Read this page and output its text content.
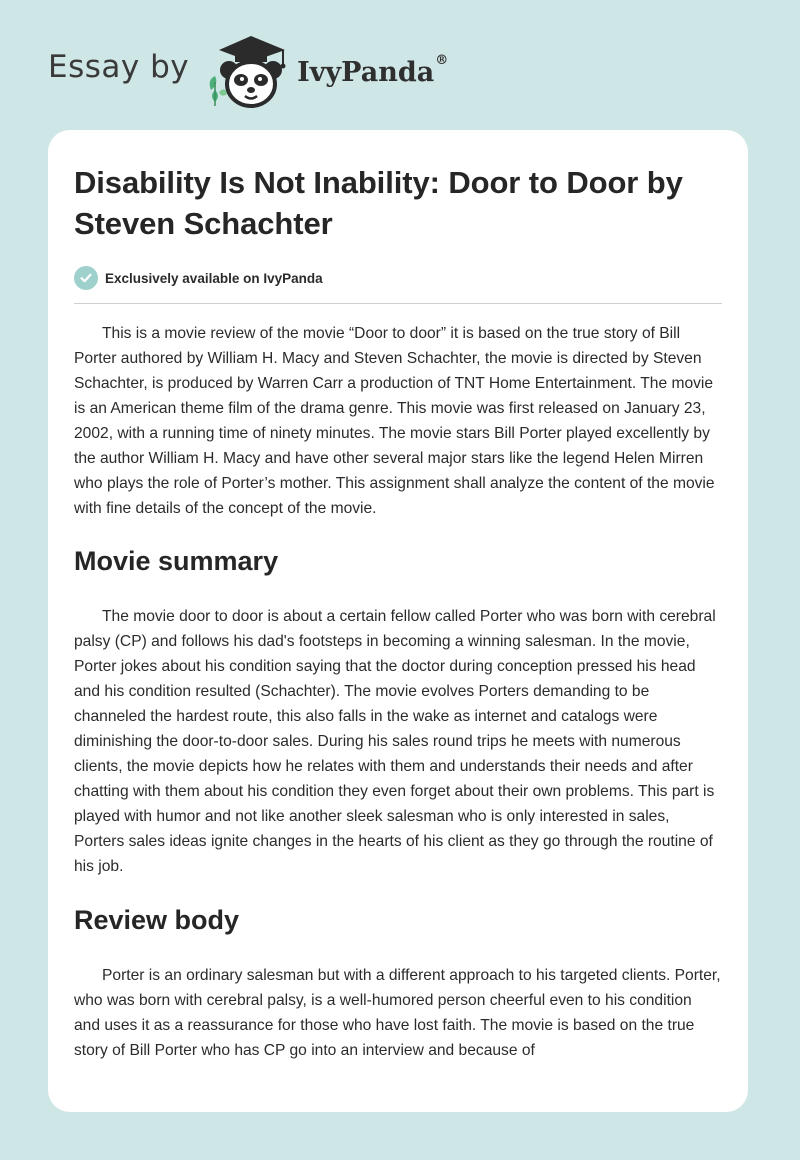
Essay by	IvyPanda®
Disability Is Not Inability: Door to Door by Steven Schachter
Exclusively available on IvyPanda

This is a movie review of the movie “Door to door” it is based on the true story of Bill Porter authored by William H. Macy and Steven Schachter, the movie is directed by Steven Schachter, is produced by Warren Carr a production of TNT Home Entertainment. The movie is an American theme film of the drama genre. This movie was first released on January 23, 2002, with a running time of ninety minutes. The movie stars Bill Porter played excellently by the author William H. Macy and have other several major stars like the legend Helen Mirren who plays the role of Porter’s mother. This assignment shall analyze the content of the movie with fine details of the concept of the movie.

Movie summary

The movie door to door is about a certain fellow called Porter who was born with cerebral palsy (CP) and follows his dad's footsteps in becoming a winning salesman. In the movie, Porter jokes about his condition saying that the doctor during conception pressed his head and his condition resulted (Schachter). The movie evolves Porters demanding to be channeled the hardest route, this also falls in the wake as internet and catalogs were diminishing the door-to-door sales. During his sales round trips he meets with numerous clients, the movie depicts how he relates with them and understands their needs and after chatting with them about his condition they even forget about their own problems. This part is played with humor and not like another sleek salesman who is only interested in sales, Porters sales ideas ignite changes in the hearts of his client as they go through the routine of his job.

Review body

Porter is an ordinary salesman but with a different approach to his targeted clients. Porter, who was born with cerebral palsy, is a well-humored person cheerful even to his condition and uses it as a reassurance for those who have lost faith. The movie is based on the true story of Bill Porter who has CP go into an interview and because of
